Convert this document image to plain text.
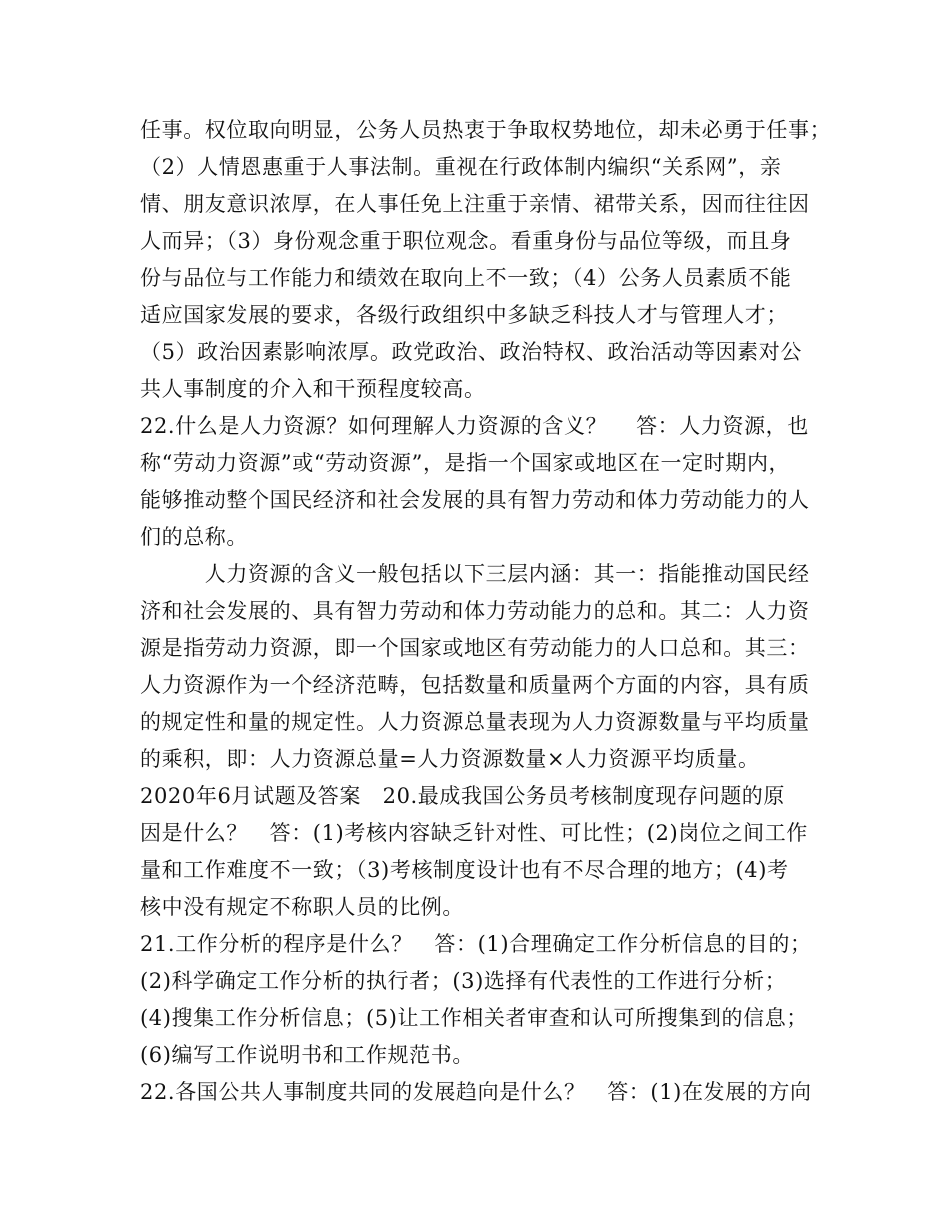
任事。权位取向明显，公务人员热衷于争取权势地位，却未必勇于任事；
（2）人情恩惠重于人事法制。重视在行政体制内编织“关系网”，亲
情、朋友意识浓厚，在人事任免上注重于亲情、裙带关系，因而往往因
人而异；（3）身份观念重于职位观念。看重身份与品位等级，而且身
份与品位与工作能力和绩效在取向上不一致；（4）公务人员素质不能
适应国家发展的要求，各级行政组织中多缺乏科技人才与管理人才；
（5）政治因素影响浓厚。政党政治、政治特权、政治活动等因素对公
共人事制度的介入和干预程度较高。
22.什么是人力资源？如何理解人力资源的含义？　 答：人力资源，也
称“劳动力资源”或“劳动资源”，是指一个国家或地区在一定时期内，
能够推动整个国民经济和社会发展的具有智力劳动和体力劳动能力的人
们的总称。
　　　人力资源的含义一般包括以下三层内涵：其一：指能推动国民经
济和社会发展的、具有智力劳动和体力劳动能力的总和。其二：人力资
源是指劳动力资源，即一个国家或地区有劳动能力的人口总和。其三：
人力资源作为一个经济范畴，包括数量和质量两个方面的内容，具有质
的规定性和量的规定性。人力资源总量表现为人力资源数量与平均质量
的乘积，即：人力资源总量=人力资源数量×人力资源平均质量。
2020年6月试题及答案　20.最成我国公务员考核制度现存问题的原
因是什么？　答：(1)考核内容缺乏针对性、可比性；(2)岗位之间工作
量和工作难度不一致；（3)考核制度设计也有不尽合理的地方；(4)考
核中没有规定不称职人员的比例。
21.工作分析的程序是什么？　答：(1)合理确定工作分析信息的目的；
(2)科学确定工作分析的执行者；(3)选择有代表性的工作进行分析；
(4)搜集工作分析信息；(5)让工作相关者审查和认可所搜集到的信息；
(6)编写工作说明书和工作规范书。
22.各国公共人事制度共同的发展趋向是什么？　答：(1)在发展的方向
